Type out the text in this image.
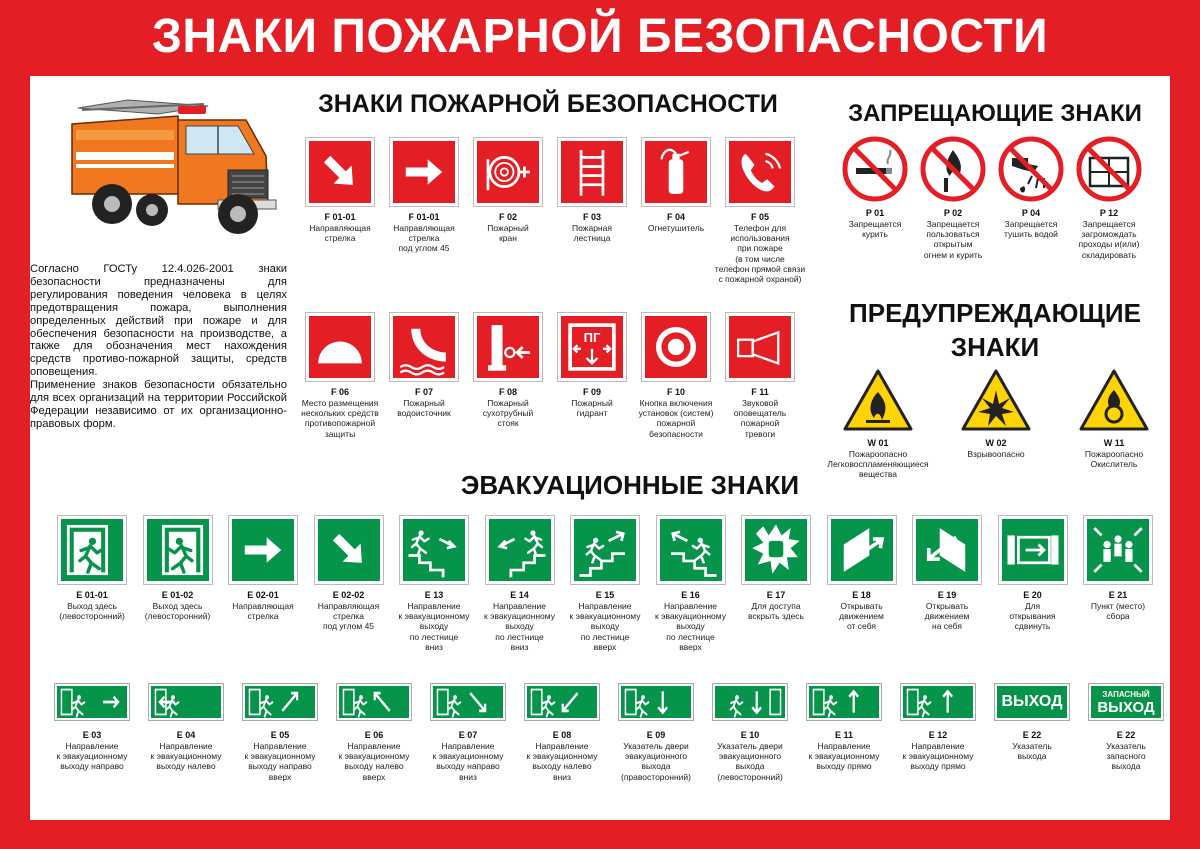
ЗНАКИ ПОЖАРНОЙ БЕЗОПАСНОСТИ
Согласно ГОСТу 12.4.026-2001 знаки безопасности предназначены для регулирования поведения человека в целях предотвращения пожара, выполнения определенных действий при пожаре и для обеспечения безопасности на производстве, а также для обозначения мест нахождения средств противо-пожарной защиты, средств оповещения.
Применение знаков безопасности обязательно для всех организаций на территории Российской Федерации независимо от их организационно-правовых форм.
ЗНАКИ ПОЖАРНОЙ БЕЗОПАСНОСТИ
F 01-01
Направляющая
стрелка
F 01-01
Направляющая
стрелка
под углом 45
F 02
Пожарный
кран
F 03
Пожарная
лестница
F 04
Огнетушитель
F 05
Телефон для
использования
при пожаре
(в том числе
телефон прямой связи
с пожарной охраной)
F 06
Место размещения
нескольких средств
противопожарной
защиты
F 07
Пожарный
водоисточник
F 08
Пожарный
сухотрубный
стояк
ПГ
F 09
Пожарный
гидрант
F 10
Кнопка включения
установок (систем)
пожарной
безопасности
F 11
Звуковой
оповещатель
пожарной
тревоги
ЗАПРЕЩАЮЩИЕ ЗНАКИ
P 01
Запрещается
курить
P 02
Запрещается
пользоваться
открытым
огнем и курить
P 04
Запрещается
тушить водой
P 12
Запрещается
загромождать
проходы и(или)
складировать
ПРЕДУПРЕЖДАЮЩИЕ
ЗНАКИ
W 01
Пожароопасно
Легковоспламеняющиеся
вещества
W 02
Взрывоопасно
W 11
Пожароопасно
Окислитель
ЭВАКУАЦИОННЫЕ ЗНАКИ
E 01-01
Выход здесь
(левосторонний)
E 01-02
Выход здесь
(левосторонний)
E 02-01
Направляющая
стрелка
E 02-02
Направляющая
стрелка
под углом 45
E 13
Направление
к эвакуационному
выходу
по лестнице
вниз
E 14
Направление
к эвакуационному
выходу
по лестнице
вниз
E 15
Направление
к эвакуационному
выходу
по лестнице
вверх
E 16
Направление
к эвакуационному
выходу
по лестнице
вверх
E 17
Для доступа
вскрыть здесь
E 18
Открывать
движением
от себя
E 19
Открывать
движением
на себя
E 20
Для
открывания
сдвинуть
E 21
Пункт (место)
сбора
E 03
Направление
к эвакуационному
выходу направо
E 04
Направление
к эвакуационному
выходу налево
E 05
Направление
к эвакуационному
выходу направо
вверх
E 06
Направление
к эвакуационному
выходу налево
вверх
E 07
Направление
к эвакуационному
выходу направо
вниз
E 08
Направление
к эвакуационному
выходу налево
вниз
E 09
Указатель двери
эвакуационного
выхода
(правосторонний)
E 10
Указатель двери
эвакуационного
выхода
(левосторонний)
E 11
Направление
к эвакуационному
выходу прямо
E 12
Направление
к эвакуационному
выходу прямо
ВЫХОД
E 22
Указатель
выхода
ЗАПАСНЫЙ
ВЫХОД
E 22
Указатель
запасного
выхода
